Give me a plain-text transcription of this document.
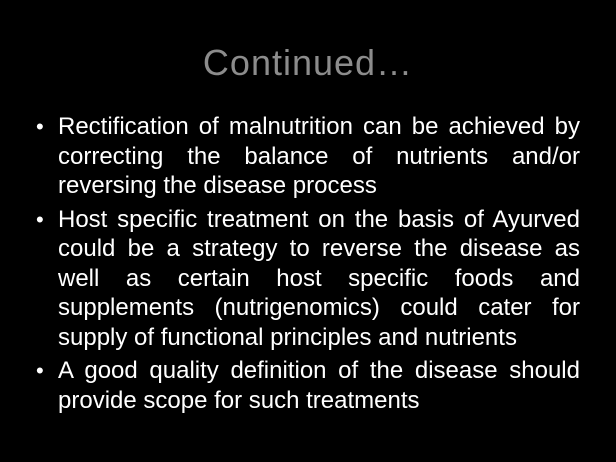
Continued…
• Rectification of malnutrition can be achieved by
correcting the balance of nutrients and/or
reversing the disease process
• Host specific treatment on the basis of Ayurved
could be a strategy to reverse the disease as
well as certain host specific foods and
supplements (nutrigenomics) could cater for
supply of functional principles and nutrients
• A good quality definition of the disease should
provide scope for such treatments
